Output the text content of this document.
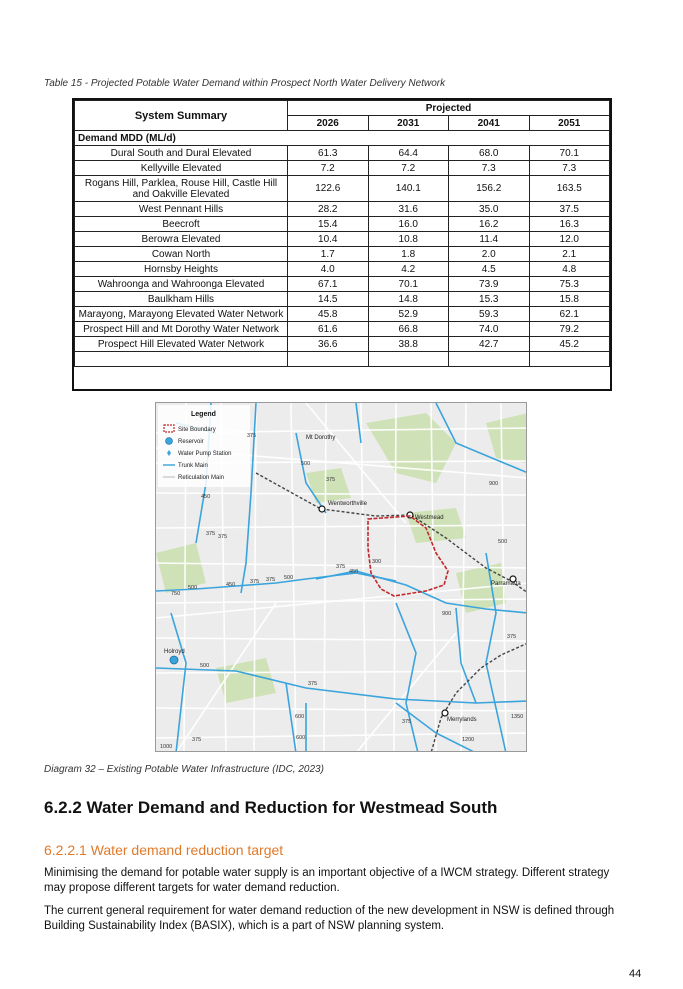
Table 15 - Projected Potable Water Demand within Prospect North Water Delivery Network
System Summary	Projected			
	2026	2031	2041	2051
Demand MDD (ML/d)				
Dural South and Dural Elevated	61.3	64.4	68.0	70.1
Kellyville Elevated	7.2	7.2	7.3	7.3
Rogans Hill, Parklea, Rouse Hill, Castle Hill and Oakville Elevated	122.6	140.1	156.2	163.5
West Pennant Hills	28.2	31.6	35.0	37.5
Beecroft	15.4	16.0	16.2	16.3
Berowra Elevated	10.4	10.8	11.4	12.0
Cowan North	1.7	1.8	2.0	2.1
Hornsby Heights	4.0	4.2	4.5	4.8
Wahroonga and Wahroonga Elevated	67.1	70.1	73.9	75.3
Baulkham Hills	14.5	14.8	15.3	15.8
Marayong, Marayong Elevated Water Network	45.8	52.9	59.3	62.1
Prospect Hill and Mt Dorothy Water Network	61.6	66.8	74.0	79.2
Prospect Hill Elevated Water Network	36.6	38.8	42.7	45.2

Legend
Site Boundary
Reservoir
Water Pump Station
Trunk Main
Reticulation Main
Mt Dorothy
Wentworthville
Westmead
Parramatta
Holroyd
Merrylands
375
500
375
450
375
450
375
450
375 500
750
500
375
900
375
375
500
1000
375
600
900
375
1200
1350
600
375
300
500
Diagram 32 – Existing Potable Water Infrastructure (IDC, 2023)
6.2.2 Water Demand and Reduction for Westmead South
6.2.2.1 Water demand reduction target
Minimising the demand for potable water supply is an important objective of a IWCM strategy. Different strategy may propose different targets for water demand reduction.
The current general requirement for water demand reduction of the new development in NSW is defined through Building Sustainability Index (BASIX), which is a part of NSW planning system.
44
